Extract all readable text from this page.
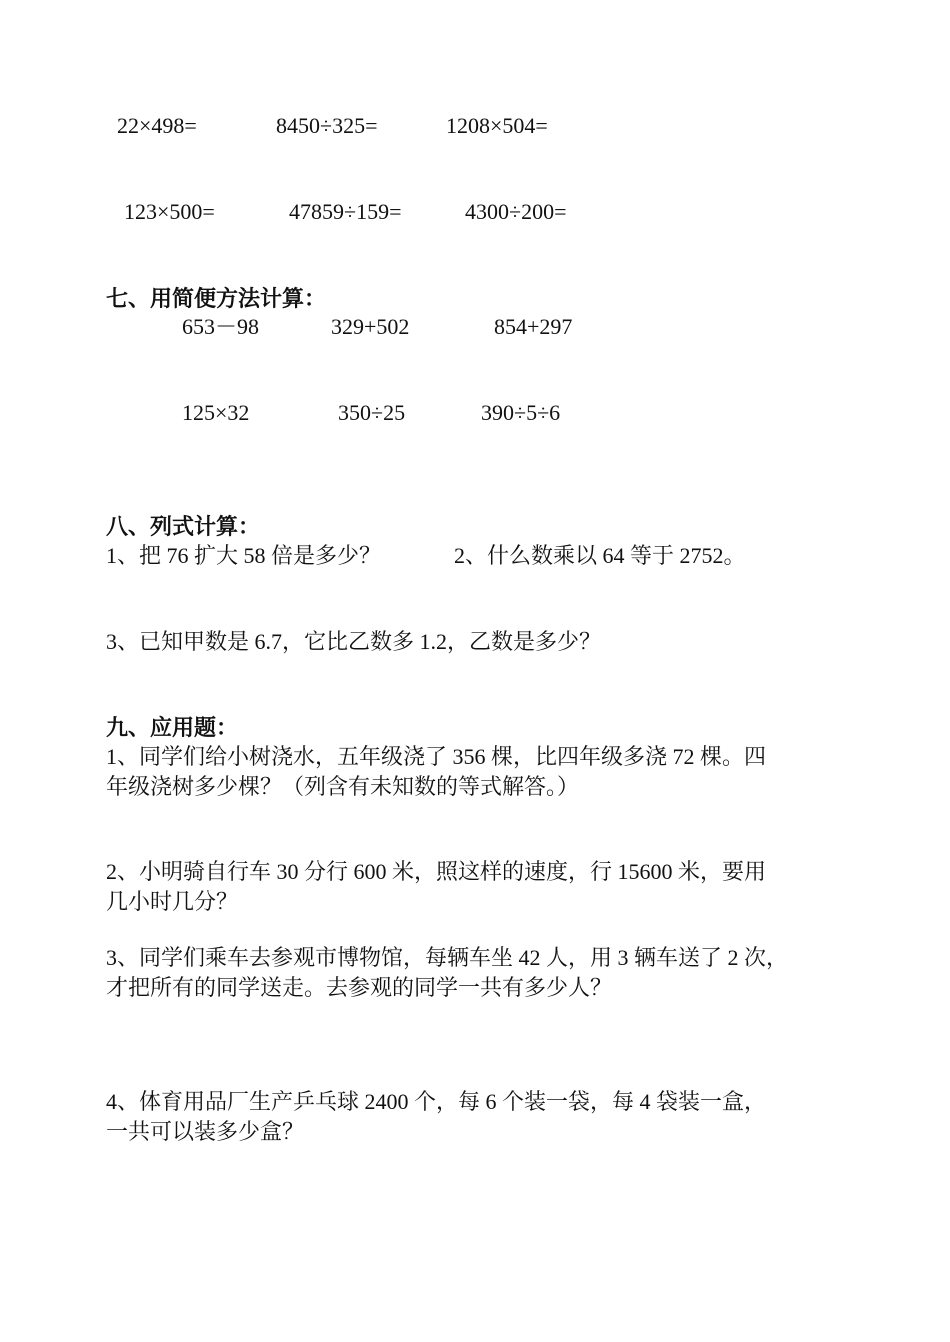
22×498=	8450÷325=	1208×504=
123×500=	47859÷159=	4300÷200=
七、用简便方法计算：
653－98	329+502	854+297
125×32	350÷25	390÷5÷6
八、列式计算：
1、把 76 扩大 58 倍是多少？	2、什么数乘以 64 等于 2752。
3、已知甲数是 6.7，它比乙数多 1.2，乙数是多少？
九、应用题：
1、同学们给小树浇水，五年级浇了 356 棵，比四年级多浇 72 棵。四
年级浇树多少棵？（列含有未知数的等式解答。）
2、小明骑自行车 30 分行 600 米，照这样的速度，行 15600 米，要用
几小时几分？
3、同学们乘车去参观市博物馆，每辆车坐 42 人，用 3 辆车送了 2 次，
才把所有的同学送走。去参观的同学一共有多少人？
4、体育用品厂生产乒乓球 2400 个，每 6 个装一袋，每 4 袋装一盒，
一共可以装多少盒？
